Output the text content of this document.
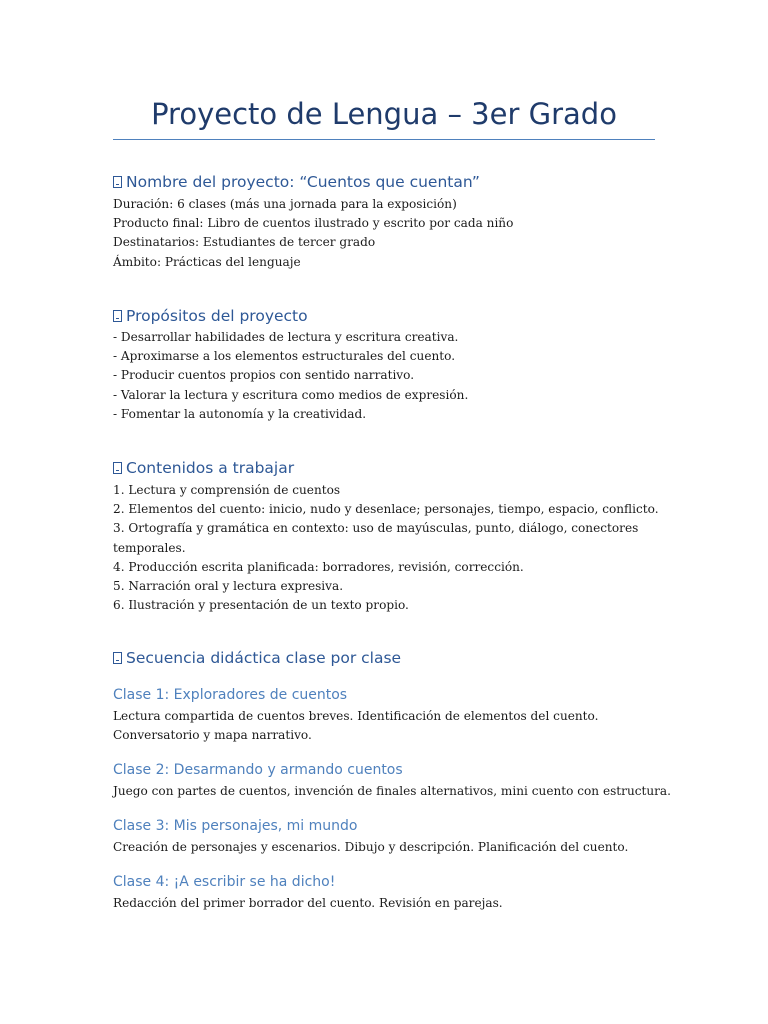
Proyecto de Lengua – 3er Grado

Nombre del proyecto: “Cuentos que cuentan”

Duración: 6 clases (más una jornada para la exposición)

Producto final: Libro de cuentos ilustrado y escrito por cada niño

Destinatarios: Estudiantes de tercer grado

Ámbito: Prácticas del lenguaje

Propósitos del proyecto

- Desarrollar habilidades de lectura y escritura creativa.

- Aproximarse a los elementos estructurales del cuento.

- Producir cuentos propios con sentido narrativo.

- Valorar la lectura y escritura como medios de expresión.

- Fomentar la autonomía y la creatividad.

Contenidos a trabajar

1. Lectura y comprensión de cuentos

2. Elementos del cuento: inicio, nudo y desenlace; personajes, tiempo, espacio, conflicto.

3. Ortografía y gramática en contexto: uso de mayúsculas, punto, diálogo, conectores

temporales.

4. Producción escrita planificada: borradores, revisión, corrección.

5. Narración oral y lectura expresiva.

6. Ilustración y presentación de un texto propio.

Secuencia didáctica clase por clase

Clase 1: Exploradores de cuentos

Lectura compartida de cuentos breves. Identificación de elementos del cuento.

Conversatorio y mapa narrativo.

Clase 2: Desarmando y armando cuentos

Juego con partes de cuentos, invención de finales alternativos, mini cuento con estructura.

Clase 3: Mis personajes, mi mundo

Creación de personajes y escenarios. Dibujo y descripción. Planificación del cuento.

Clase 4: ¡A escribir se ha dicho!

Redacción del primer borrador del cuento. Revisión en parejas.
